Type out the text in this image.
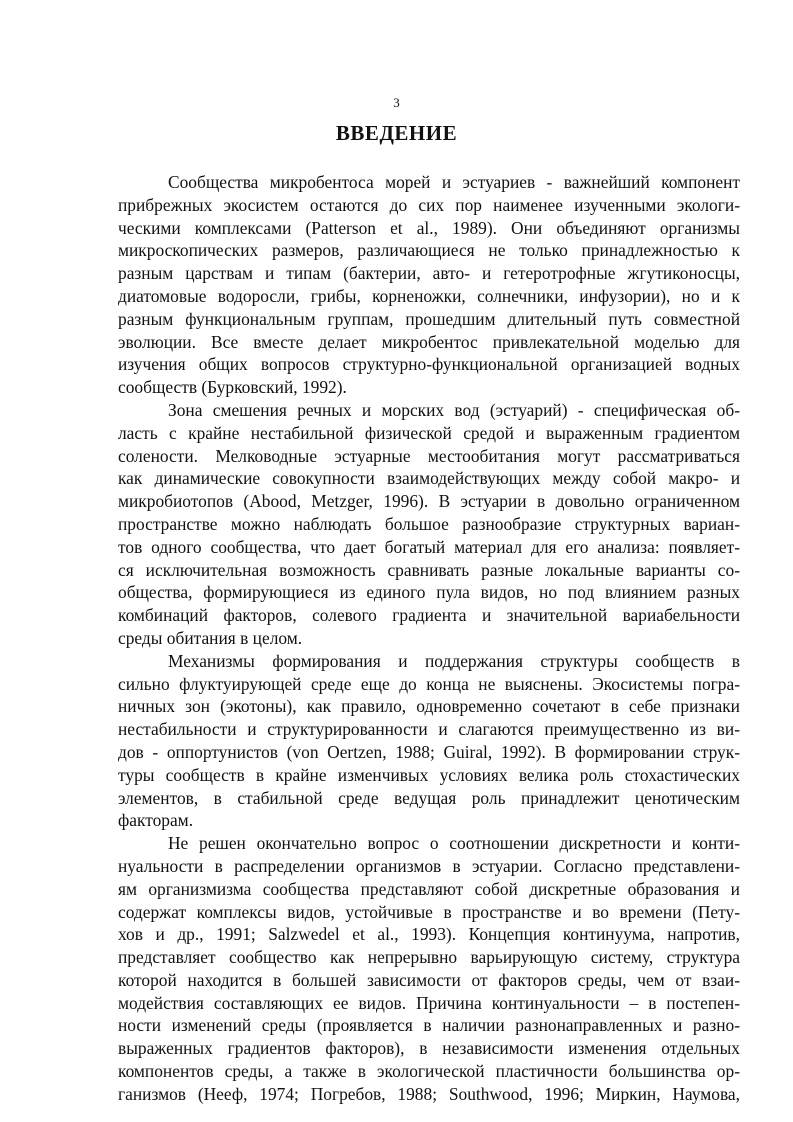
3
ВВЕДЕНИЕ
Сообщества микробентоса морей и эстуариев - важнейший компонент
прибрежных экосистем остаются до сих пор наименее изученными экологи-
ческими комплексами (Patterson et al., 1989). Они объединяют организмы
микроскопических размеров, различающиеся не только принадлежностью к
разным царствам и типам (бактерии, авто- и гетеротрофные жгутиконосцы,
диатомовые водоросли, грибы, корненожки, солнечники, инфузории), но и к
разным функциональным группам, прошедшим длительный путь совместной
эволюции. Все вместе делает микробентос привлекательной моделью для
изучения общих вопросов структурно-функциональной организацией водных
сообществ (Бурковский, 1992).
Зона смешения речных и морских вод (эстуарий) - специфическая об-
ласть с крайне нестабильной физической средой и выраженным градиентом
солености. Мелководные эстуарные местообитания могут рассматриваться
как динамические совокупности взаимодействующих между собой макро- и
микробиотопов (Abood, Metzger, 1996). В эстуарии в довольно ограниченном
пространстве можно наблюдать большое разнообразие структурных вариан-
тов одного сообщества, что дает богатый материал для его анализа: появляет-
ся исключительная возможность сравнивать разные локальные варианты со-
общества, формирующиеся из единого пула видов, но под влиянием разных
комбинаций факторов, солевого градиента и значительной вариабельности
среды обитания в целом.
Механизмы формирования и поддержания структуры сообществ в
сильно флуктуирующей среде еще до конца не выяснены. Экосистемы погра-
ничных зон (экотоны), как правило, одновременно сочетают в себе признаки
нестабильности и структурированности и слагаются преимущественно из ви-
дов - оппортунистов (von Oertzen, 1988; Guiral, 1992). В формировании струк-
туры сообществ в крайне изменчивых условиях велика роль стохастических
элементов, в стабильной среде ведущая роль принадлежит ценотическим
факторам.
Не решен окончательно вопрос о соотношении дискретности и конти-
нуальности в распределении организмов в эстуарии. Согласно представлени-
ям организмизма сообщества представляют собой дискретные образования и
содержат комплексы видов, устойчивые в пространстве и во времени (Пету-
хов и др., 1991; Salzwedel et al., 1993). Концепция континуума, напротив,
представляет сообщество как непрерывно варьирующую систему, структура
которой находится в большей зависимости от факторов среды, чем от взаи-
модействия составляющих ее видов. Причина континуальности – в постепен-
ности изменений среды (проявляется в наличии разнонаправленных и разно-
выраженных градиентов факторов), в независимости изменения отдельных
компонентов среды, а также в экологической пластичности большинства ор-
ганизмов (Нееф, 1974; Погребов, 1988; Southwood, 1996; Миркин, Наумова,
